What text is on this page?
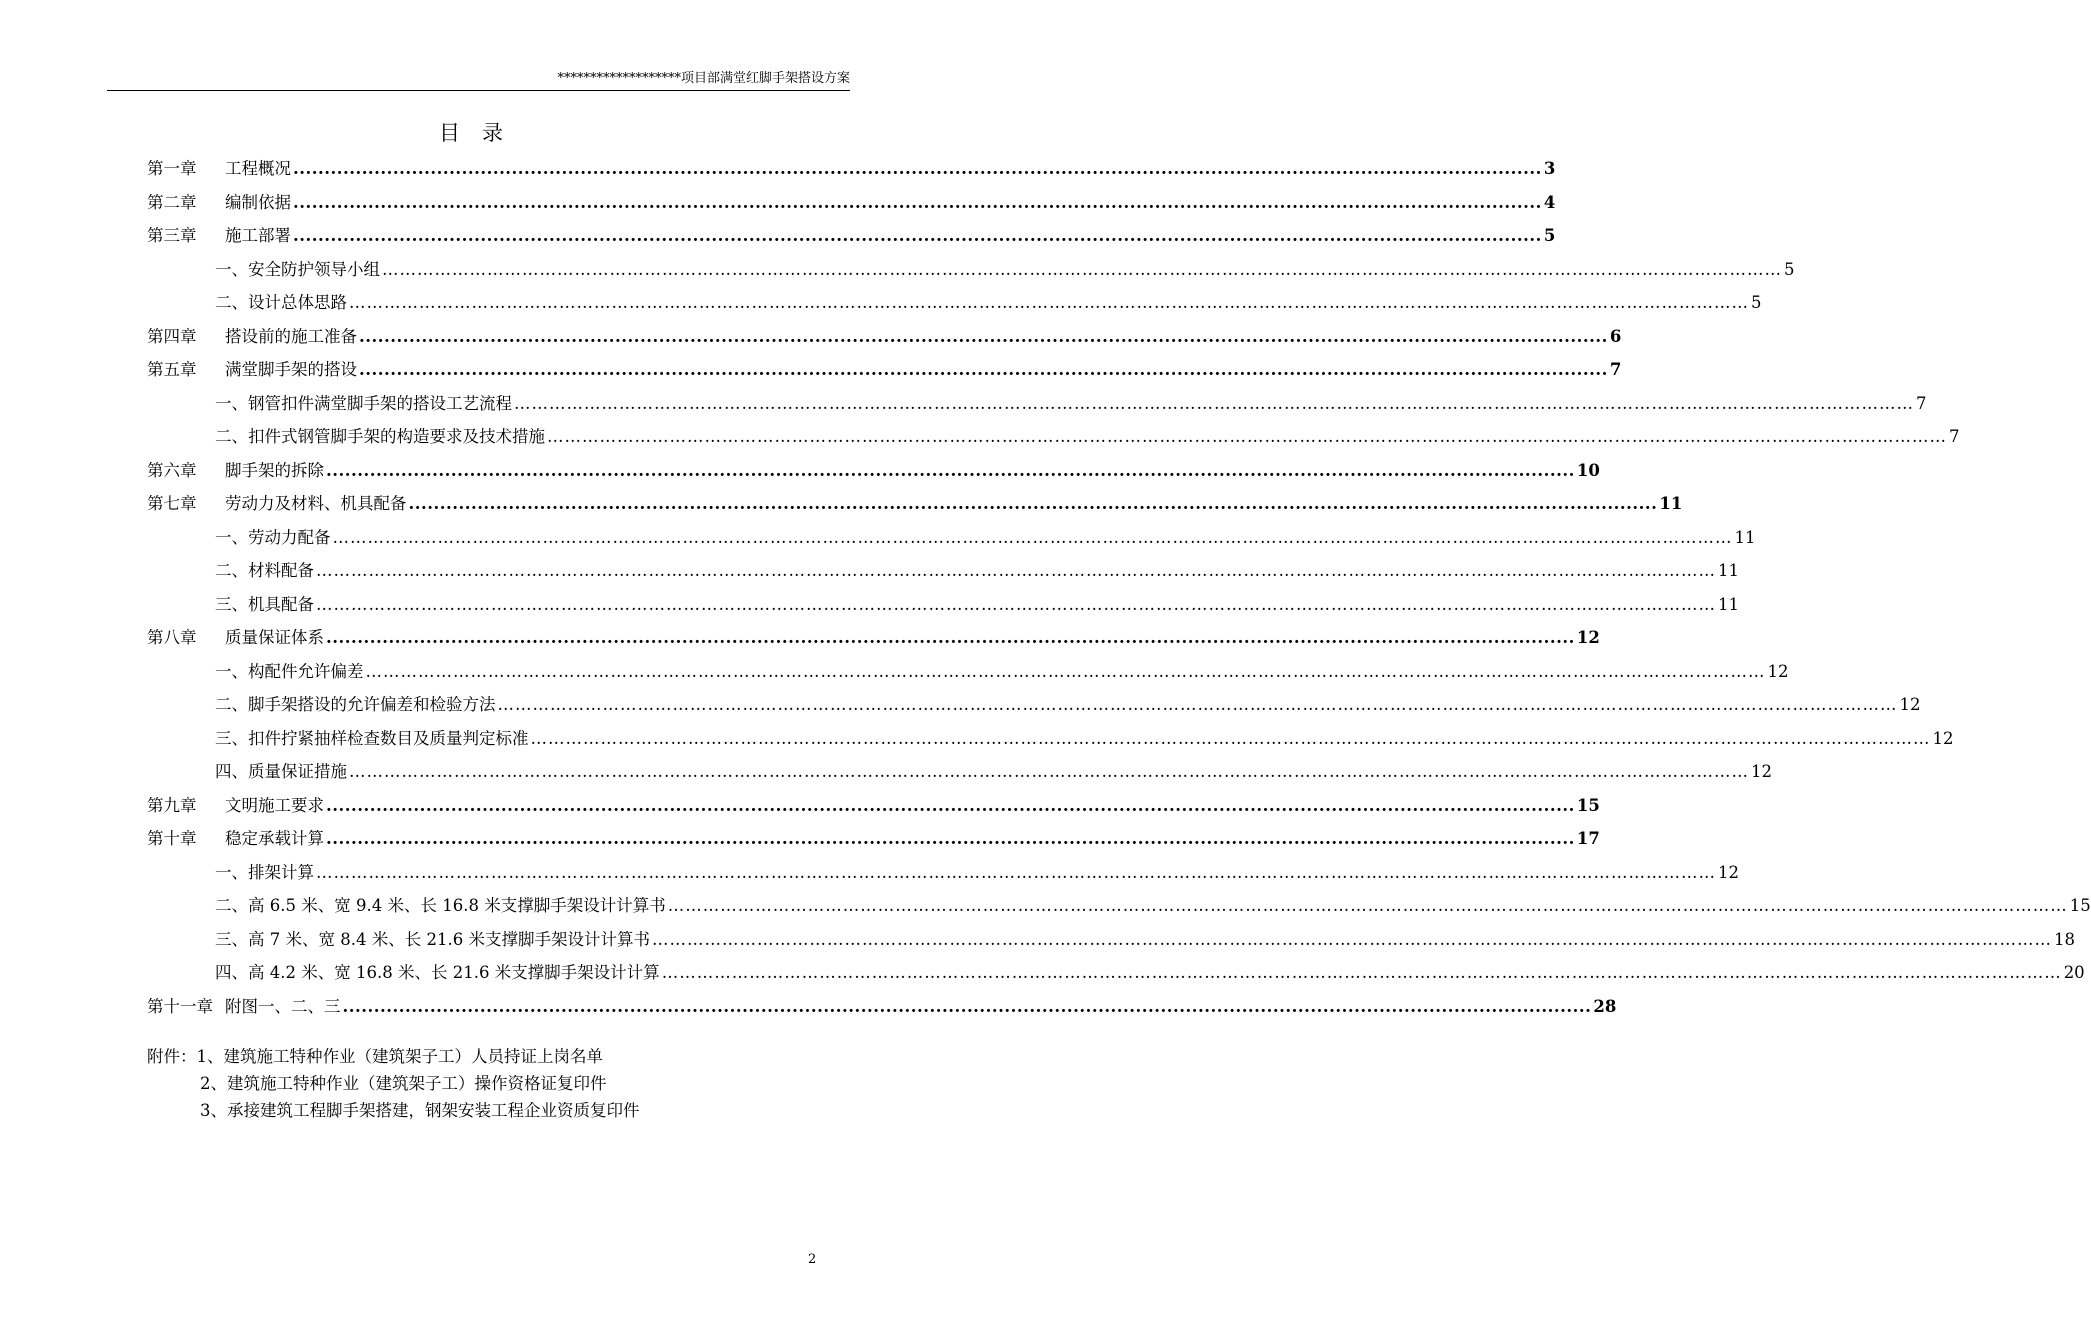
*******************项目部满堂红脚手架搭设方案
目录
第一章 工程概况 ........................................................................................................................................................................................................ 3
第二章 编制依据 ........................................................................................................................................................................................................ 4
第三章 施工部署 ........................................................................................................................................................................................................ 5
一、安全防护领导小组 …………………………………………………………………………………………………………………………………………………………………………………………………………………… 5
二、设计总体思路 …………………………………………………………………………………………………………………………………………………………………………………………………………………… 5
第四章 搭设前的施工准备 ........................................................................................................................................................................................................ 6
第五章 满堂脚手架的搭设 ........................................................................................................................................................................................................ 7
一、钢管扣件满堂脚手架的搭设工艺流程 …………………………………………………………………………………………………………………………………………………………………………………………………………………… 7
二、扣件式钢管脚手架的构造要求及技术措施 …………………………………………………………………………………………………………………………………………………………………………………………………………………… 7
第六章 脚手架的拆除 ........................................................................................................................................................................................................ 10
第七章 劳动力及材料、机具配备 ........................................................................................................................................................................................................ 11
一、劳动力配备 …………………………………………………………………………………………………………………………………………………………………………………………………………………… 11
二、材料配备 …………………………………………………………………………………………………………………………………………………………………………………………………………………… 11
三、机具配备 …………………………………………………………………………………………………………………………………………………………………………………………………………………… 11
第八章 质量保证体系 ........................................................................................................................................................................................................ 12
一、构配件允许偏差 …………………………………………………………………………………………………………………………………………………………………………………………………………………… 12
二、脚手架搭设的允许偏差和检验方法 …………………………………………………………………………………………………………………………………………………………………………………………………………………… 12
三、扣件拧紧抽样检查数目及质量判定标准 …………………………………………………………………………………………………………………………………………………………………………………………………………………… 12
四、质量保证措施 …………………………………………………………………………………………………………………………………………………………………………………………………………………… 12
第九章 文明施工要求 ........................................................................................................................................................................................................ 15
第十章 稳定承载计算 ........................................................................................................................................................................................................ 17
一、排架计算 …………………………………………………………………………………………………………………………………………………………………………………………………………………… 12
二、高 6.5 米、宽 9.4 米、长 16.8 米支撑脚手架设计计算书 …………………………………………………………………………………………………………………………………………………………………………………………………………………… 15
三、高 7 米、宽 8.4 米、长 21.6 米支撑脚手架设计计算书 …………………………………………………………………………………………………………………………………………………………………………………………………………………… 18
四、高 4.2 米、宽 16.8 米、长 21.6 米支撑脚手架设计计算 …………………………………………………………………………………………………………………………………………………………………………………………………………………… 20
第十一章 附图一、二、三 ........................................................................................................................................................................................................ 28
附件：1、建筑施工特种作业（建筑架子工）人员持证上岗名单
2、建筑施工特种作业（建筑架子工）操作资格证复印件
3、承接建筑工程脚手架搭建，钢架安装工程企业资质复印件
2
